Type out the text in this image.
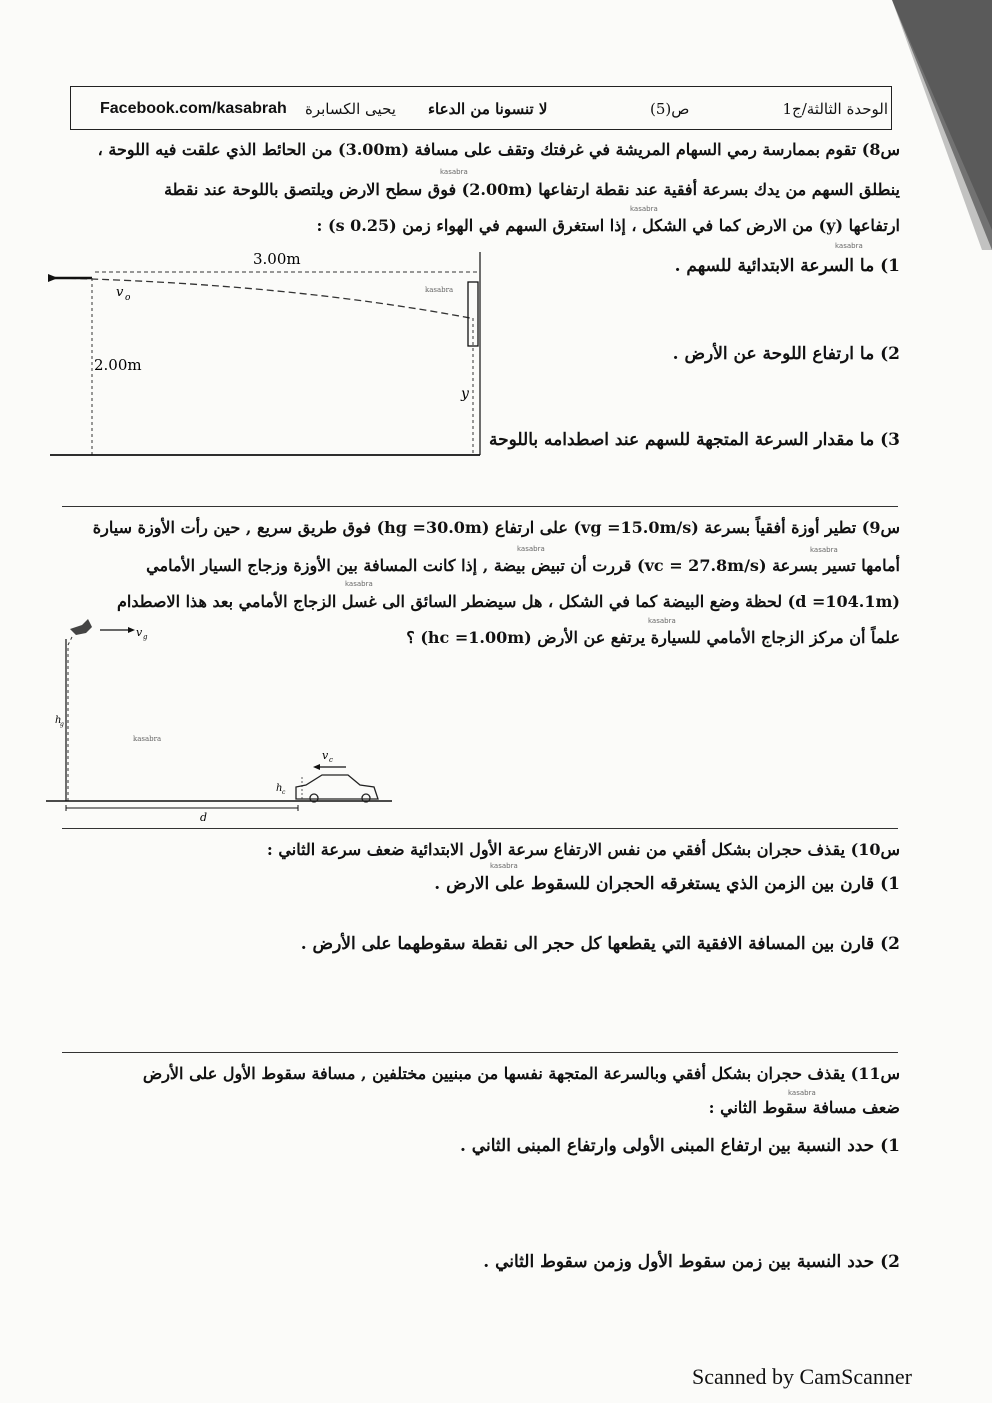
الوحدة الثالثة/ج1
ص(5)
لا تنسونا من الدعاء
يحيى الكسابرة
Facebook.com/kasabrah
س8) تقوم بممارسة رمي السهام المريشة في غرفتك وتقف على مسافة (3.00m) من الحائط الذي علقت فيه اللوحة ،
kasabra
ينطلق السهم من يدك بسرعة أفقية عند نقطة ارتفاعها (2.00m) فوق سطح الارض ويلتصق باللوحة عند نقطة
kasabra
ارتفاعها (y) من الارض كما في الشكل ، إذا استغرق السهم في الهواء زمن (0.25 s) :
kasabra
1) ما السرعة الابتدائية للسهم .
2) ما ارتفاع اللوحة عن الأرض .
3) ما مقدار السرعة المتجهة للسهم عند اصطدامه باللوحة
3.00m
2.00m
v o
y
kasabra
س9) تطير أوزة أفقياً بسرعة (vg =15.0m/s) على ارتفاع (hg =30.0m) فوق طريق سريع , حين رأت الأوزة سيارة
kasabra	kasabra
أمامها تسير بسرعة (vc = 27.8m/s) قررت أن تبيض بيضة , إذا كانت المسافة بين الأوزة وزجاج السيار الأمامي
kasabra
(d =104.1m) لحظة وضع البيضة كما في الشكل ، هل سيضطر السائق الى غسل الزجاج الأمامي بعد هذا الاصطدام
kasabra
علماً أن مركز الزجاج الأمامي للسيارة يرتفع عن الأرض (hc =1.00m) ؟
v g
h
g
d
v c
h c
kasabra
س10) يقذف حجران بشكل أفقي من نفس الارتفاع سرعة الأول الابتدائية ضعف سرعة الثاني :
kasabra
1) قارن بين الزمن الذي يستغرقه الحجران للسقوط على الارض .
2) قارن بين المسافة الافقية التي يقطعها كل حجر الى نقطة سقوطهما على الأرض .
س11) يقذف حجران بشكل أفقي وبالسرعة المتجهة نفسها من مبنيين مختلفين , مسافة سقوط الأول على الأرض
kasabra
ضعف مسافة سقوط الثاني :
1) حدد النسبة بين ارتفاع المبنى الأولى وارتفاع المبنى الثاني .
2) حدد النسبة بين زمن سقوط الأول وزمن سقوط الثاني .
Scanned by CamScanner
